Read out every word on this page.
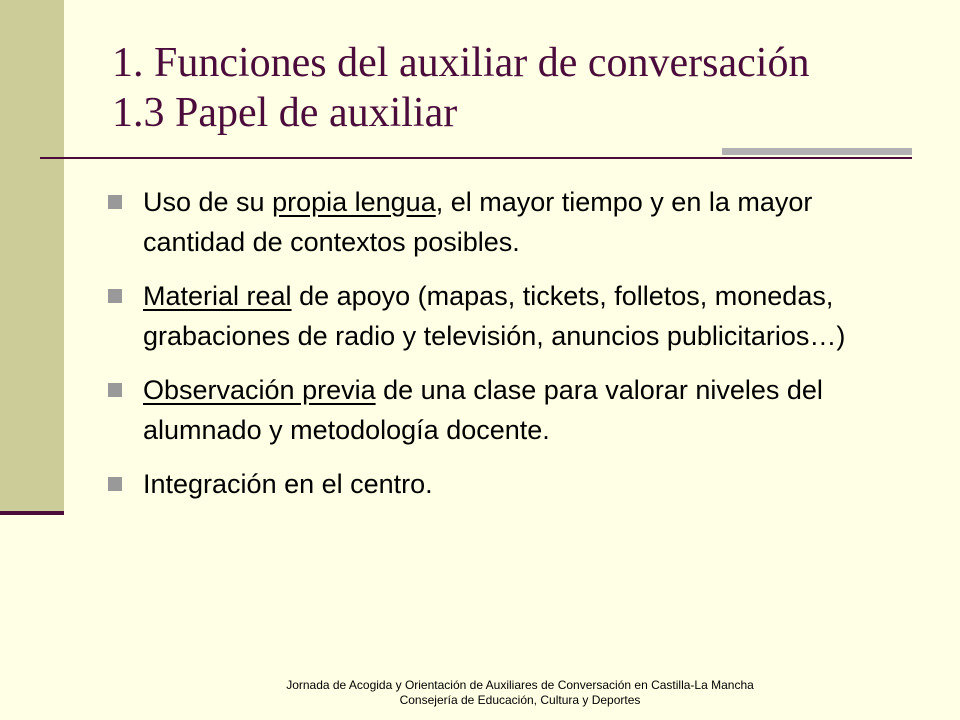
1. Funciones del auxiliar de conversación
1.3 Papel de auxiliar
Uso de su propia lengua, el mayor tiempo y en la mayor cantidad de contextos posibles.
Material real de apoyo (mapas, tickets, folletos, monedas, grabaciones de radio y televisión, anuncios publicitarios…)
Observación previa de una clase para valorar niveles del alumnado y metodología docente.
Integración en el centro.
Jornada de Acogida y Orientación de Auxiliares de Conversación en Castilla-La Mancha
Consejería de Educación, Cultura y Deportes
